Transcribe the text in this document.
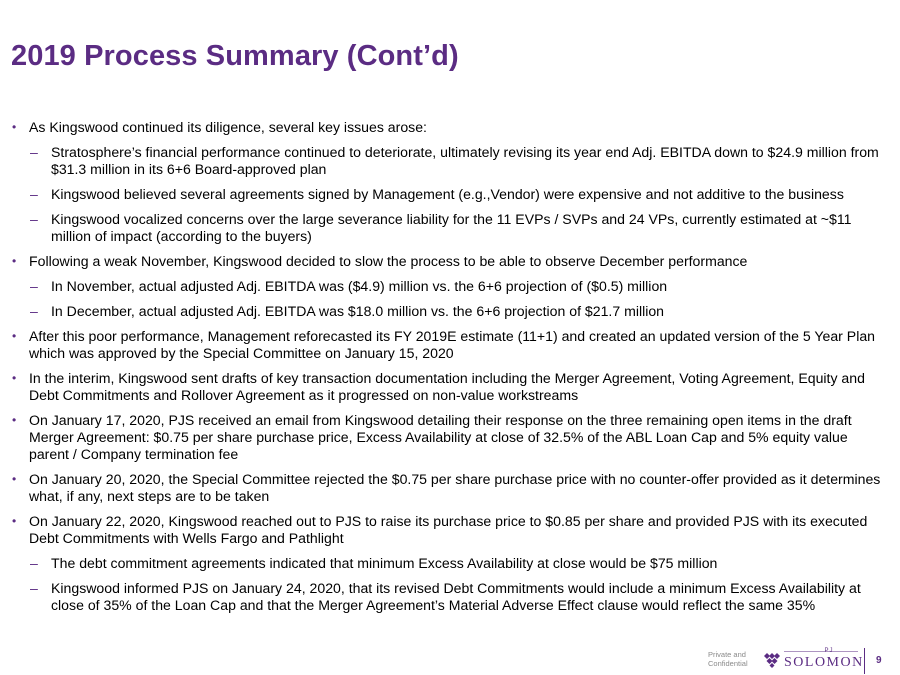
2019 Process Summary (Cont’d)
• As Kingswood continued its diligence, several key issues arose:
– Stratosphere’s financial performance continued to deteriorate, ultimately revising its year end Adj. EBITDA down to $24.9 million from $31.3 million in its 6+6 Board-approved plan
– Kingswood believed several agreements signed by Management (e.g.,Vendor) were expensive and not additive to the business
– Kingswood vocalized concerns over the large severance liability for the 11 EVPs / SVPs and 24 VPs, currently estimated at ~$11 million of impact (according to the buyers)
• Following a weak November, Kingswood decided to slow the process to be able to observe December performance
– In November, actual adjusted Adj. EBITDA was ($4.9) million vs. the 6+6 projection of ($0.5) million
– In December, actual adjusted Adj. EBITDA was $18.0 million vs. the 6+6 projection of $21.7 million
• After this poor performance, Management reforecasted its FY 2019E estimate (11+1) and created an updated version of the 5 Year Plan which was approved by the Special Committee on January 15, 2020
• In the interim, Kingswood sent drafts of key transaction documentation including the Merger Agreement, Voting Agreement, Equity and Debt Commitments and Rollover Agreement as it progressed on non-value workstreams
• On January 17, 2020, PJS received an email from Kingswood detailing their response on the three remaining open items in the draft Merger Agreement: $0.75 per share purchase price, Excess Availability at close of 32.5% of the ABL Loan Cap and 5% equity value parent / Company termination fee
• On January 20, 2020, the Special Committee rejected the $0.75 per share purchase price with no counter-offer provided as it determines what, if any, next steps are to be taken
• On January 22, 2020, Kingswood reached out to PJS to raise its purchase price to $0.85 per share and provided PJS with its executed Debt Commitments with Wells Fargo and Pathlight
– The debt commitment agreements indicated that minimum Excess Availability at close would be $75 million
– Kingswood informed PJS on January 24, 2020, that its revised Debt Commitments would include a minimum Excess Availability at close of 35% of the Loan Cap and that the Merger Agreement’s Material Adverse Effect clause would reflect the same 35%
Private and
Confidential
PJ
SOLOMON 9
